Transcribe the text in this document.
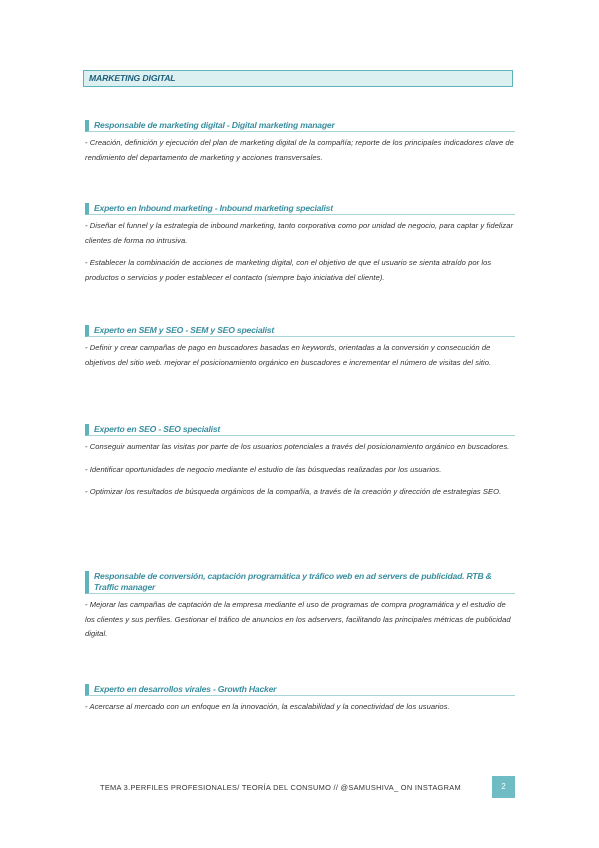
MARKETING DIGITAL
Responsable de marketing digital - Digital marketing manager

- Creación, definición y ejecución del plan de marketing digital de la compañía; reporte de los principales indicadores clave de rendimiento del departamento de marketing y acciones transversales.

Experto en Inbound marketing - Inbound marketing specialist

- Diseñar el funnel y la estrategia de inbound marketing, tanto corporativa como por unidad de negocio, para captar y fidelizar clientes de forma no intrusiva.

- Establecer la combinación de acciones de marketing digital, con el objetivo de que el usuario se sienta atraído por los productos o servicios y poder establecer el contacto (siempre bajo iniciativa del cliente).

Experto en SEM y SEO - SEM y SEO specialist

- Definir y crear campañas de pago en buscadores basadas en keywords, orientadas a la conversión y consecución de objetivos del sitio web. mejorar el posicionamiento orgánico en buscadores e incrementar el número de visitas del sitio.

Experto en SEO - SEO specialist

- Conseguir aumentar las visitas por parte de los usuarios potenciales a través del posicionamiento orgánico en buscadores.

- Identificar oportunidades de negocio mediante el estudio de las búsquedas realizadas por los usuarios.

- Optimizar los resultados de búsqueda orgánicos de la compañía, a través de la creación y dirección de estrategias SEO.

Responsable de conversión, captación programática y tráfico web en ad servers de publicidad. RTB & Traffic manager

- Mejorar las campañas de captación de la empresa mediante el uso de programas de compra programática y el estudio de los clientes y sus perfiles. Gestionar el tráfico de anuncios en los adservers, facilitando las principales métricas de publicidad digital.

Experto en desarrollos virales - Growth Hacker

- Acercarse al mercado con un enfoque en la innovación, la escalabilidad y la conectividad de los usuarios.

TEMA 3.PERFILES PROFESIONALES/ TEORÍA DEL CONSUMO // @SAMUSHIVA_ ON INSTAGRAM	2
